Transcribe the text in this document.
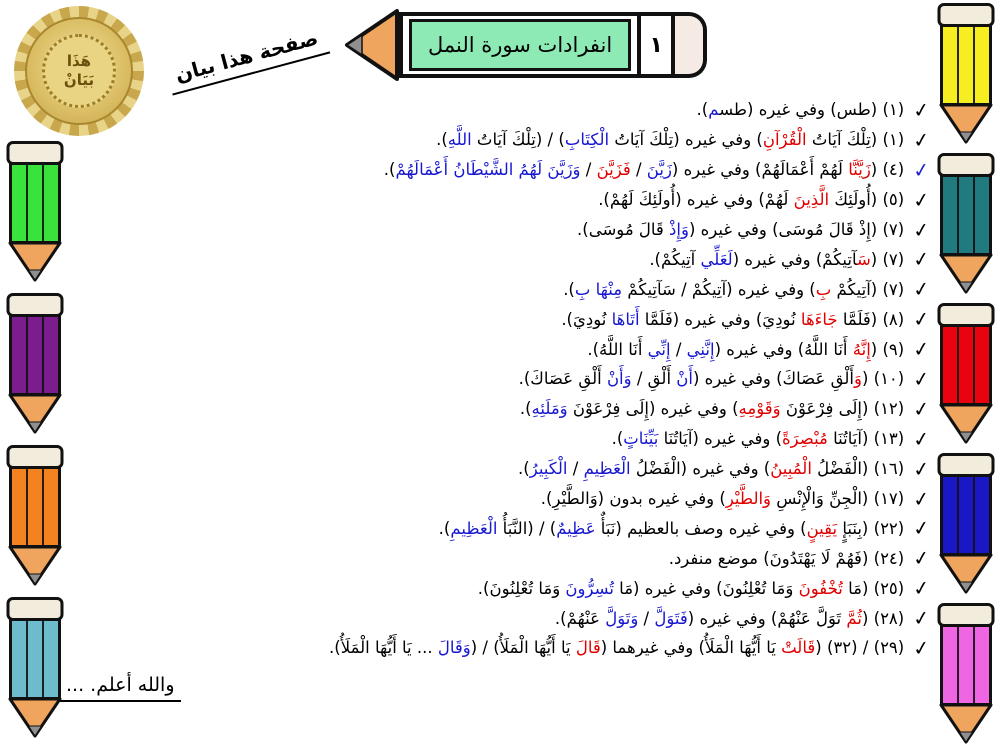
هَذَا
بَيَانْ	صفحة هذا بيان	انفرادات سورة النمل	١
✓
(١) (طس) وفي غيره (طسم).
✓
(١) (تِلْكَ آيَاتُ الْقُرْآنِ) وفي غيره (تِلْكَ آيَاتُ الْكِتَابِ) / (تِلْكَ آيَاتُ اللَّهِ).
✓
(٤) (زَيَّنَّا لَهُمْ أَعْمَالَهُمْ) وفي غيره (زَيَّنَ / فَزَيَّنَ / وَزَيَّنَ لَهُمُ الشَّيْطَانُ أَعْمَالَهُمْ).
✓
(٥) (أُولَئِكَ الَّذِينَ لَهُمْ) وفي غيره (أُولَئِكَ لَهُمْ).
✓
(٧) (إِذْ قَالَ مُوسَى) وفي غيره (وَإِذْ قَالَ مُوسَى).
✓
(٧) (سَآتِيكُمْ) وفي غيره (لَعَلِّي آتِيكُمْ).
✓
(٧) (آتِيكُمْ بِ) وفي غيره (آتِيكُمْ / سَآتِيكُمْ مِنْهَا بِ).
✓
(٨) (فَلَمَّا جَاءَهَا نُودِيَ) وفي غيره (فَلَمَّا أَتَاهَا نُودِيَ).
✓
(٩) (إِنَّهُ أَنَا اللَّهُ) وفي غيره (إِنَّنِي / إِنِّي أَنَا اللَّهُ).
✓
(١٠) (وَأَلْقِ عَصَاكَ) وفي غيره (أَنْ أَلْقِ / وَأَنْ أَلْقِ عَصَاكَ).
✓
(١٢) (إِلَى فِرْعَوْنَ وَقَوْمِهِ) وفي غيره (إِلَى فِرْعَوْنَ وَمَلَئِهِ).
✓
(١٣) (آيَاتُنَا مُبْصِرَةً) وفي غيره (آيَاتُنَا بَيِّنَاتٍ).
✓
(١٦) (الْفَضْلُ الْمُبِينُ) وفي غيره (الْفَضْلُ الْعَظِيمِ / الْكَبِيرُ).
✓
(١٧) (الْجِنِّ وَالْإِنْسِ وَالطَّيْرِ) وفي غيره بدون (وَالطَّيْرِ).
✓
(٢٢) (بِنَبَإٍ يَقِينٍ) وفي غيره وصف بالعظيم (نَبَأٌ عَظِيمٌ) / (النَّبَأُ الْعَظِيمِ).
✓
(٢٤) (فَهُمْ لَا يَهْتَدُونَ) موضع منفرد.
✓
(٢٥) (مَا تُخْفُونَ وَمَا تُعْلِنُونَ) وفي غيره (مَا تُسِرُّونَ وَمَا تُعْلِنُونَ).
✓
(٢٨) (ثُمَّ تَوَلَّ عَنْهُمْ) وفي غيره (فَتَوَلَّ / وَتَوَلَّ عَنْهُمْ).
✓
(٢٩) / (٣٢) (قَالَتْ يَا أَيُّهَا الْمَلَأُ) وفي غيرهما (قَالَ يَا أَيُّهَا الْمَلَأُ) / (وَقَالَ ... يَا أَيُّهَا الْمَلَأُ).
والله أعلم. ...
